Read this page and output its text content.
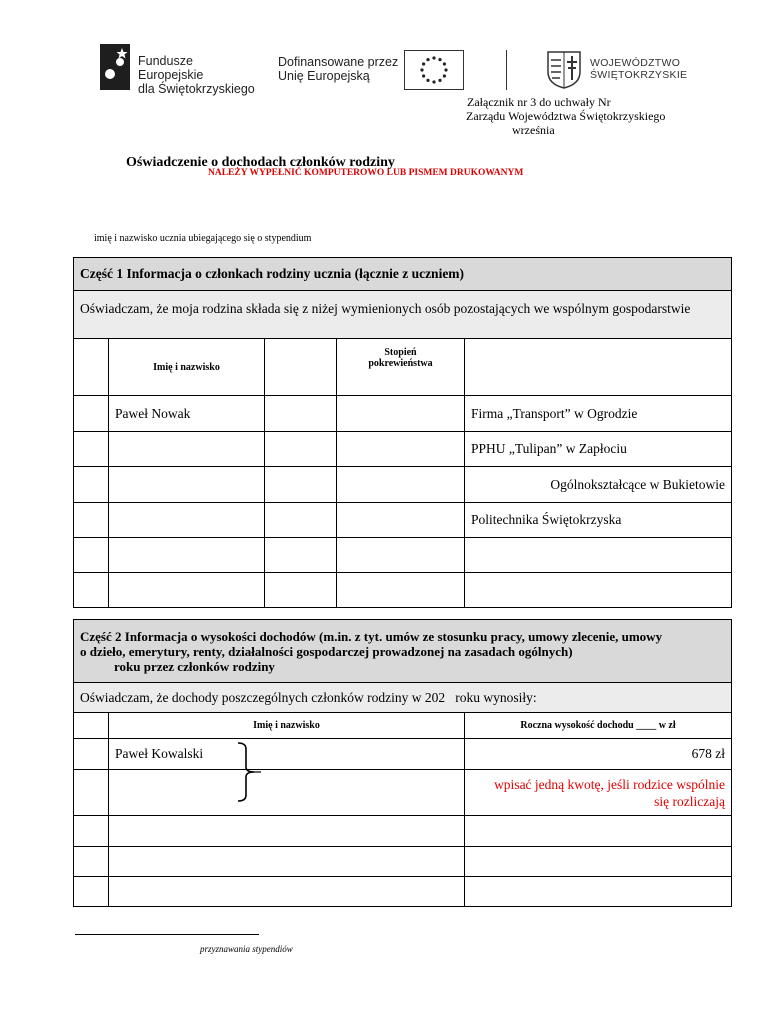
Fundusze Europejskie
dla Świętokrzyskiego
Dofinansowane przez
Unię Europejską
WOJEWÓDZTWO
ŚWIĘTOKRZYSKIE
Załącznik nr 3 do uchwały Nr
Zarządu Województwa Świętokrzyskiego
września
Oświadczenie o dochodach członków rodziny
NALEŻY WYPEŁNIĆ KOMPUTEROWO LUB PISMEM DRUKOWANYM
imię i nazwisko ucznia ubiegającego się o stypendium
Część 1 Informacja o członkach rodziny ucznia (łącznie z uczniem)				
Oświadczam, że moja rodzina składa się z niżej wymienionych osób pozostających we wspólnym gospodarstwie				
	Imię i nazwisko		Stopień
pokrewieństwa	

	Paweł Nowak			Firma „Transport” w Ogrodzie
				PPHU „Tulipan” w Zapłociu
				Ogólnokształcące w Bukietowie
				Politechnika Świętokrzyska

Część 2 Informacja o wysokości dochodów (m.in. z tyt. umów ze stosunku pracy, umowy zlecenie, umowy
o dzieło, emerytury, renty, działalności gospodarczej prowadzonej na zasadach ogólnych)
roku przez członków rodziny		

Oświadczam, że dochody poszczególnych członków rodziny w 202   roku wynosiły:		
	Imię i nazwisko	Roczna wysokość dochodu ____ w zł
	Paweł Kowalski	678 zł

		wpisać jedną kwotę, jeśli rodzice wspólnie
się rozliczają

przyznawania stypendiów
